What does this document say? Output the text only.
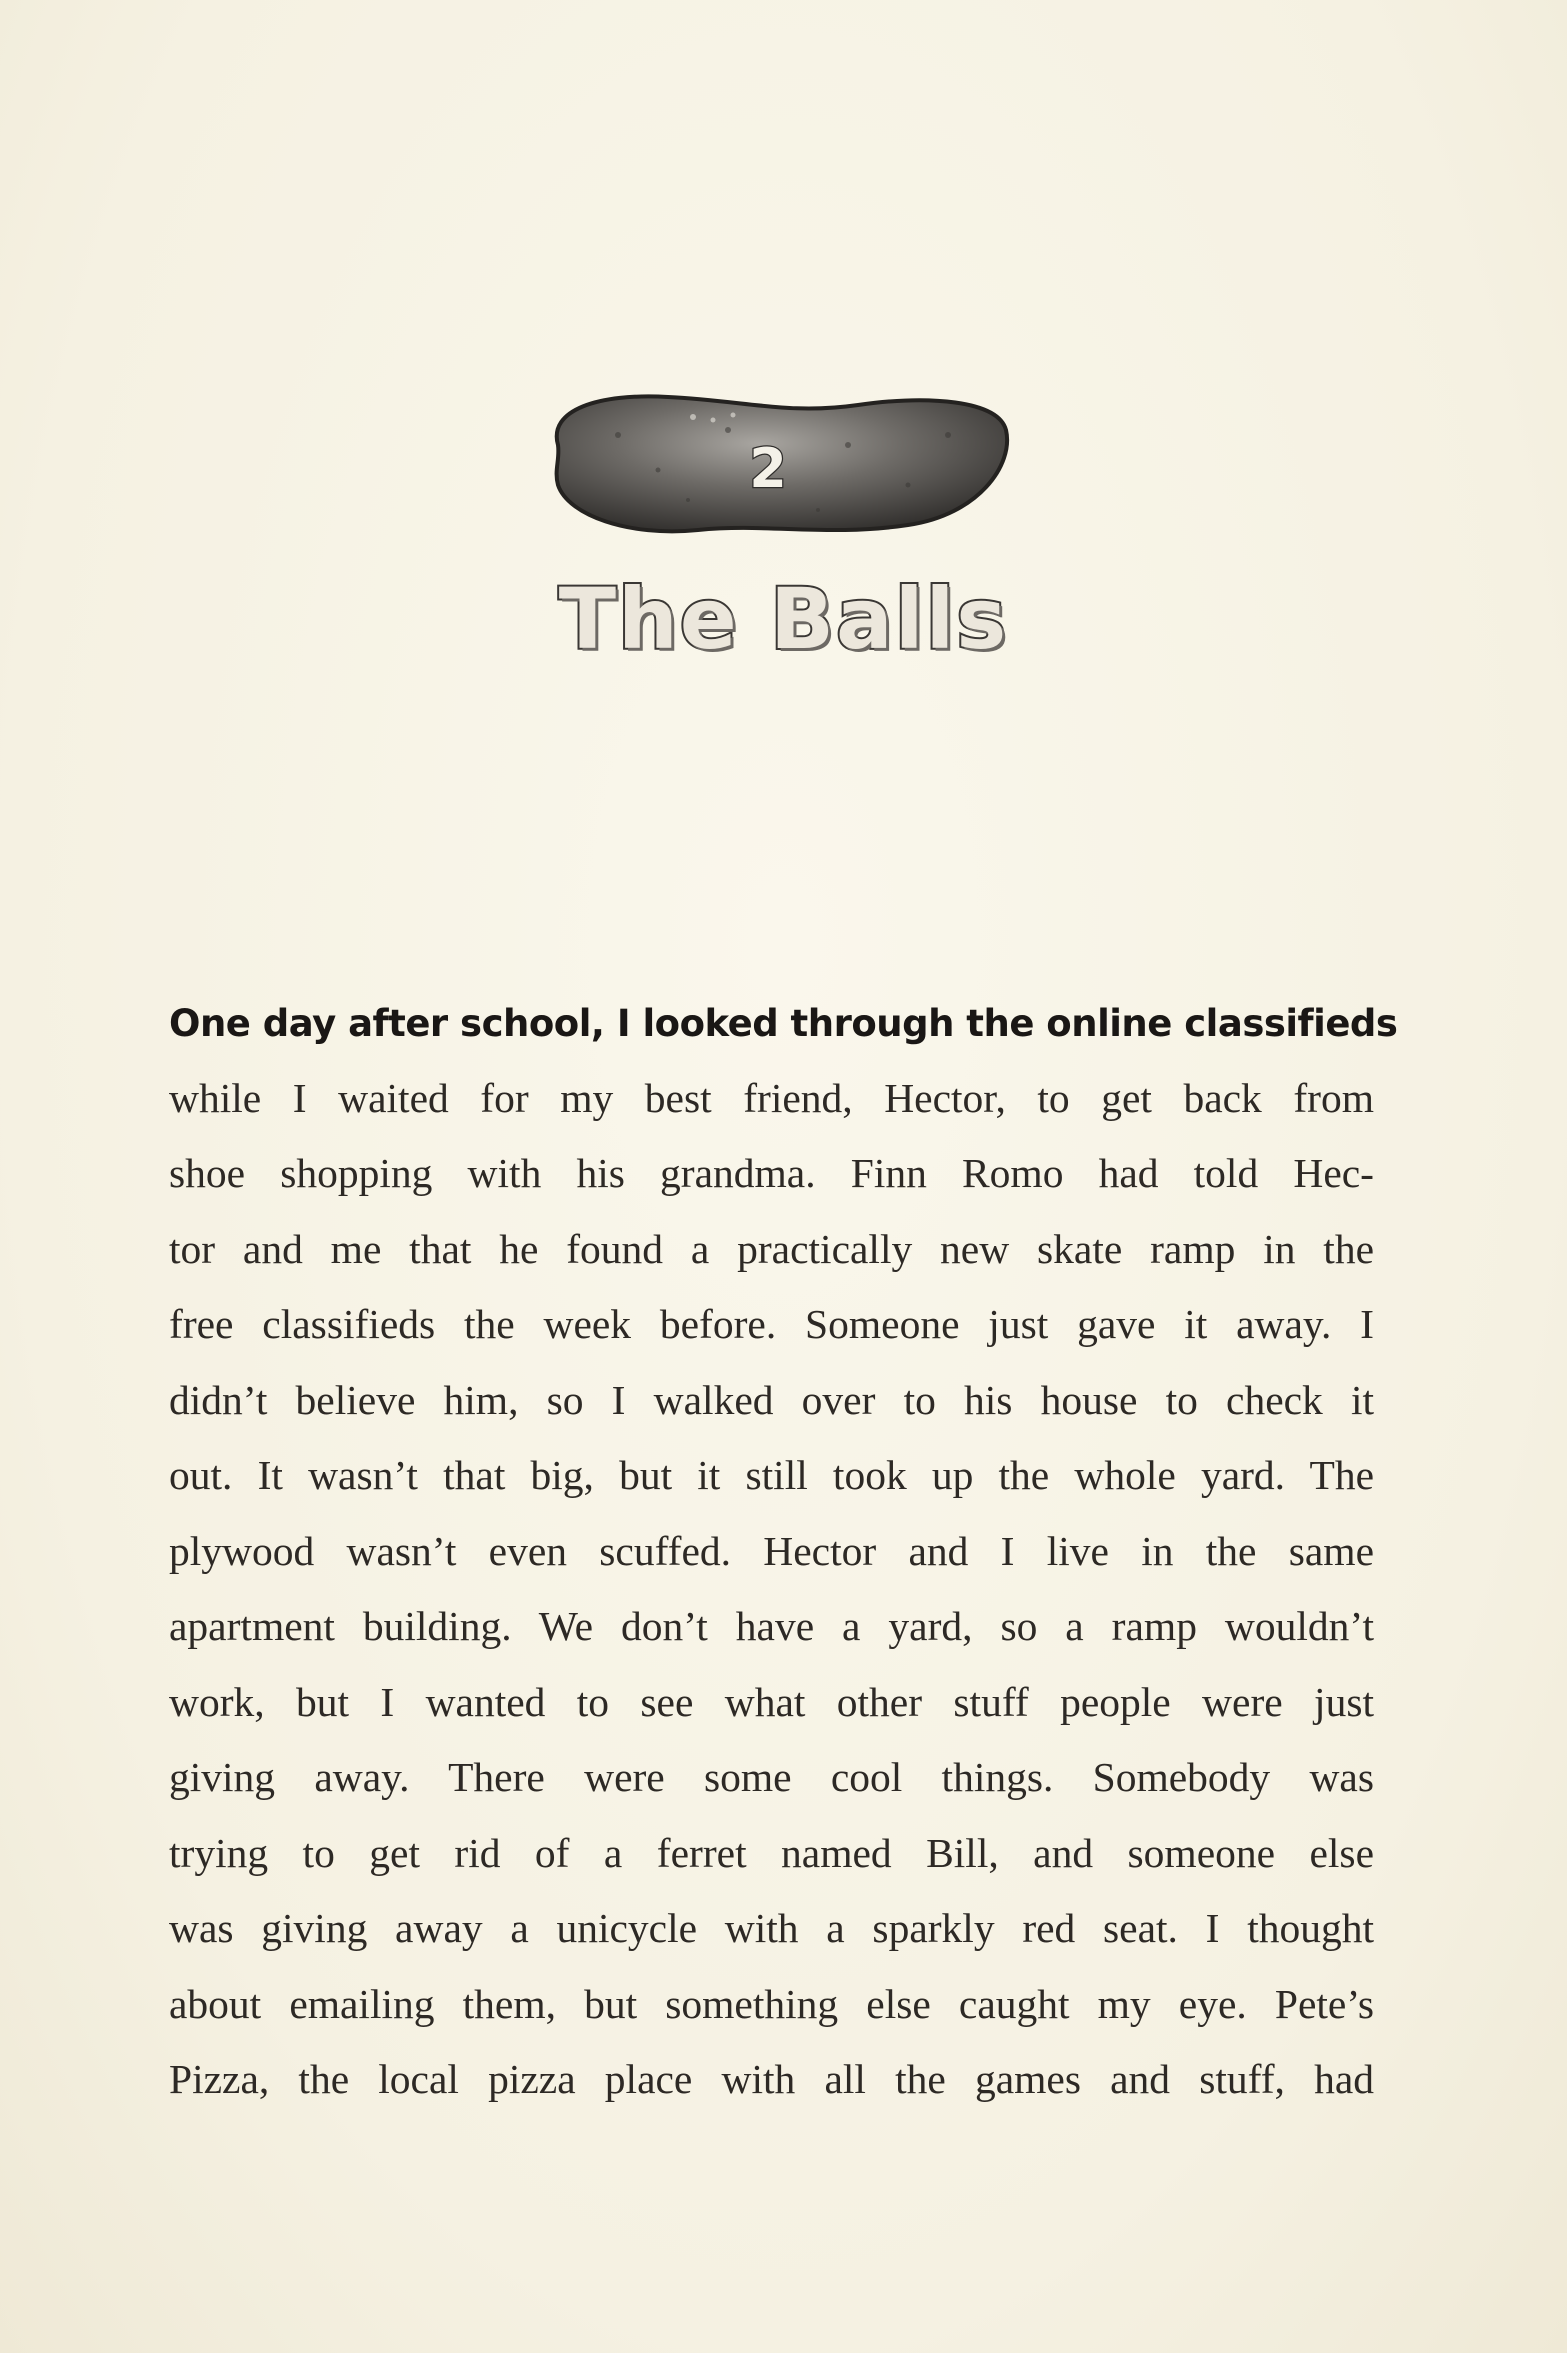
2
The Balls
One day after school, I looked through the online classifieds
while I waited for my best friend, Hector, to get back from
shoe shopping with his grandma. Finn Romo had told Hec-
tor and me that he found a practically new skate ramp in the
free classifieds the week before. Someone just gave it away. I
didn’t believe him, so I walked over to his house to check it
out. It wasn’t that big, but it still took up the whole yard. The
plywood wasn’t even scuffed. Hector and I live in the same
apartment building. We don’t have a yard, so a ramp wouldn’t
work, but I wanted to see what other stuff people were just
giving away. There were some cool things. Somebody was
trying to get rid of a ferret named Bill, and someone else
was giving away a unicycle with a sparkly red seat. I thought
about emailing them, but something else caught my eye. Pete’s
Pizza, the local pizza place with all the games and stuff, had
